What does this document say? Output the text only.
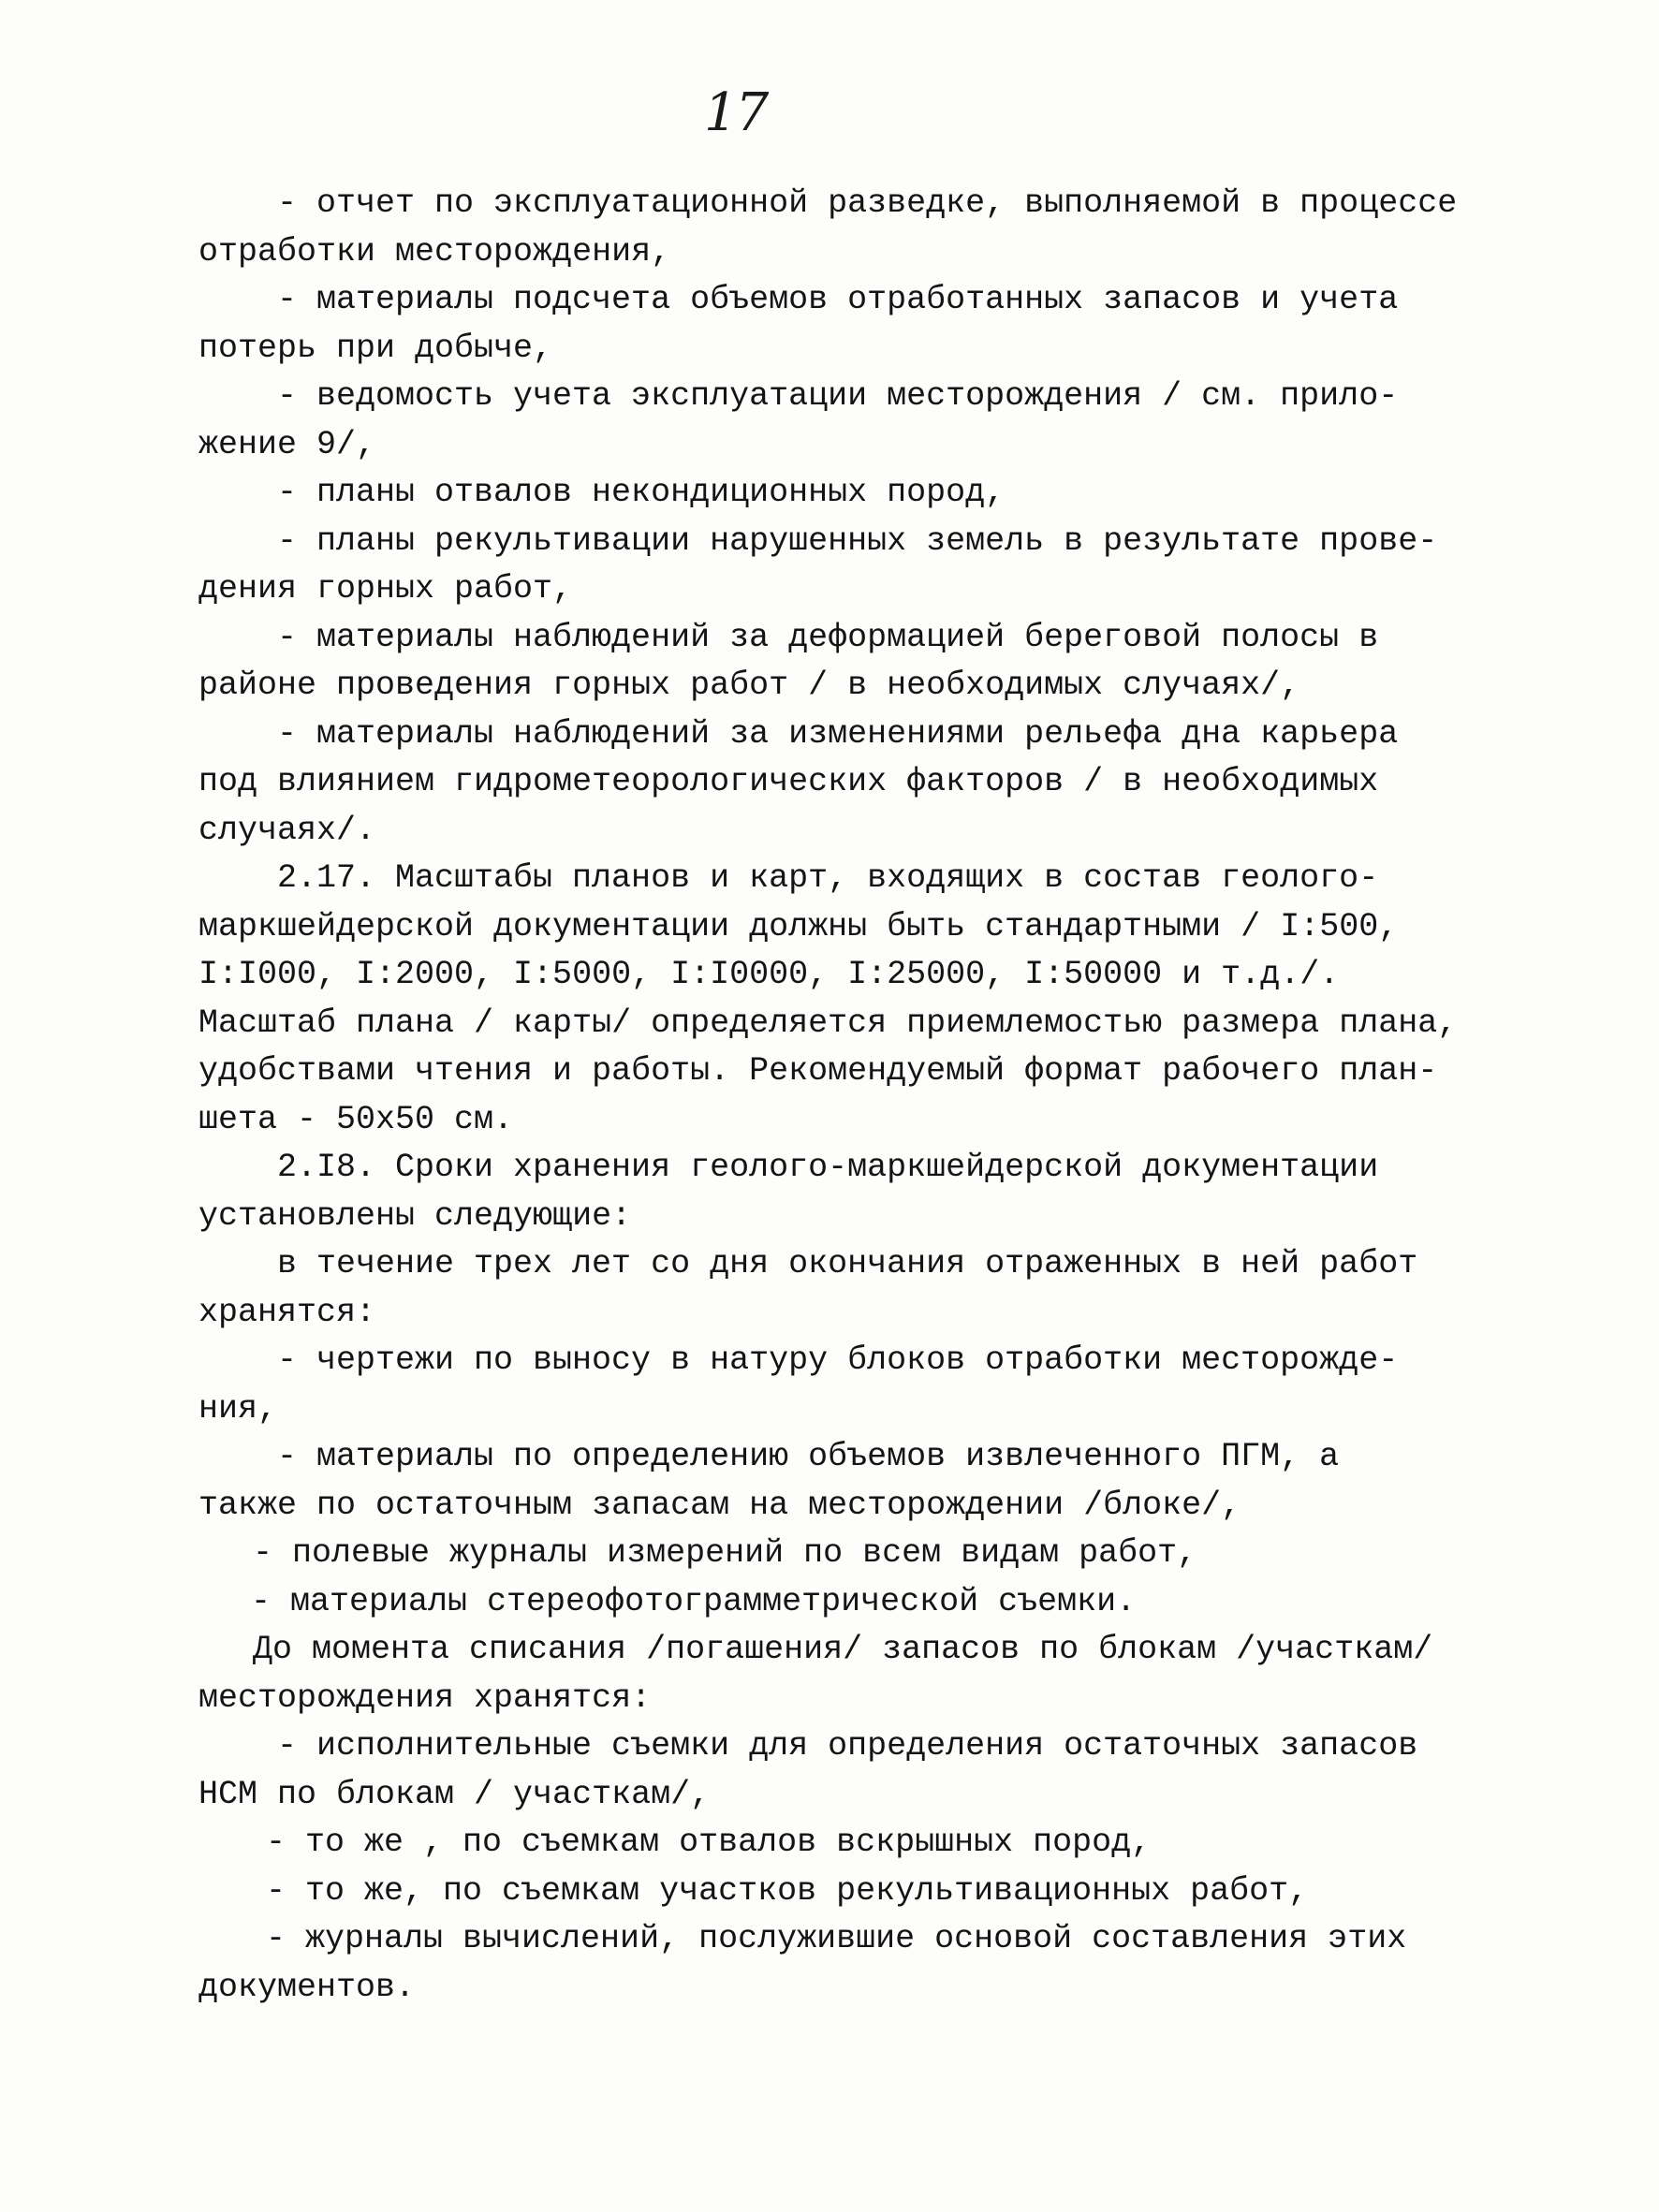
17
- отчет по эксплуатационной разведке, выполняемой в процессе
отработки месторождения,
- материалы подсчета объемов отработанных запасов и учета
потерь при добыче,
- ведомость учета эксплуатации месторождения / см. прило-
жение 9/,
- планы отвалов некондиционных пород,
- планы рекультивации нарушенных земель в результате прове-
дения горных работ,
- материалы наблюдений за деформацией береговой полосы в
районе проведения горных работ / в необходимых случаях/,
- материалы наблюдений за изменениями рельефа дна карьера
под влиянием гидрометеорологических факторов / в необходимых
случаях/.
2.17. Масштабы планов и карт, входящих в состав геолого-
маркшейдерской документации должны быть стандартными / I:500,
I:I000, I:2000, I:5000, I:I0000, I:25000, I:50000 и т.д./.
Масштаб плана / карты/ определяется приемлемостью размера плана,
удобствами чтения и работы. Рекомендуемый формат рабочего план-
шета - 50х50 см.
2.I8. Сроки хранения геолого-маркшейдерской документации
установлены следующие:
в течение трех лет со дня окончания отраженных в ней работ
хранятся:
- чертежи по выносу в натуру блоков отработки месторожде-
ния,
- материалы по определению объемов извлеченного ПГМ, а
также по остаточным запасам на месторождении /блоке/,
- полевые журналы измерений по всем видам работ,
- материалы стереофотограмметрической съемки.
До момента списания /погашения/ запасов по блокам /участкам/
месторождения хранятся:
- исполнительные съемки для определения остаточных запасов
НСМ по блокам / участкам/,
- то же , по съемкам отвалов вскрышных пород,
- то же, по съемкам участков рекультивационных работ,
- журналы вычислений, послужившие основой составления этих
документов.
